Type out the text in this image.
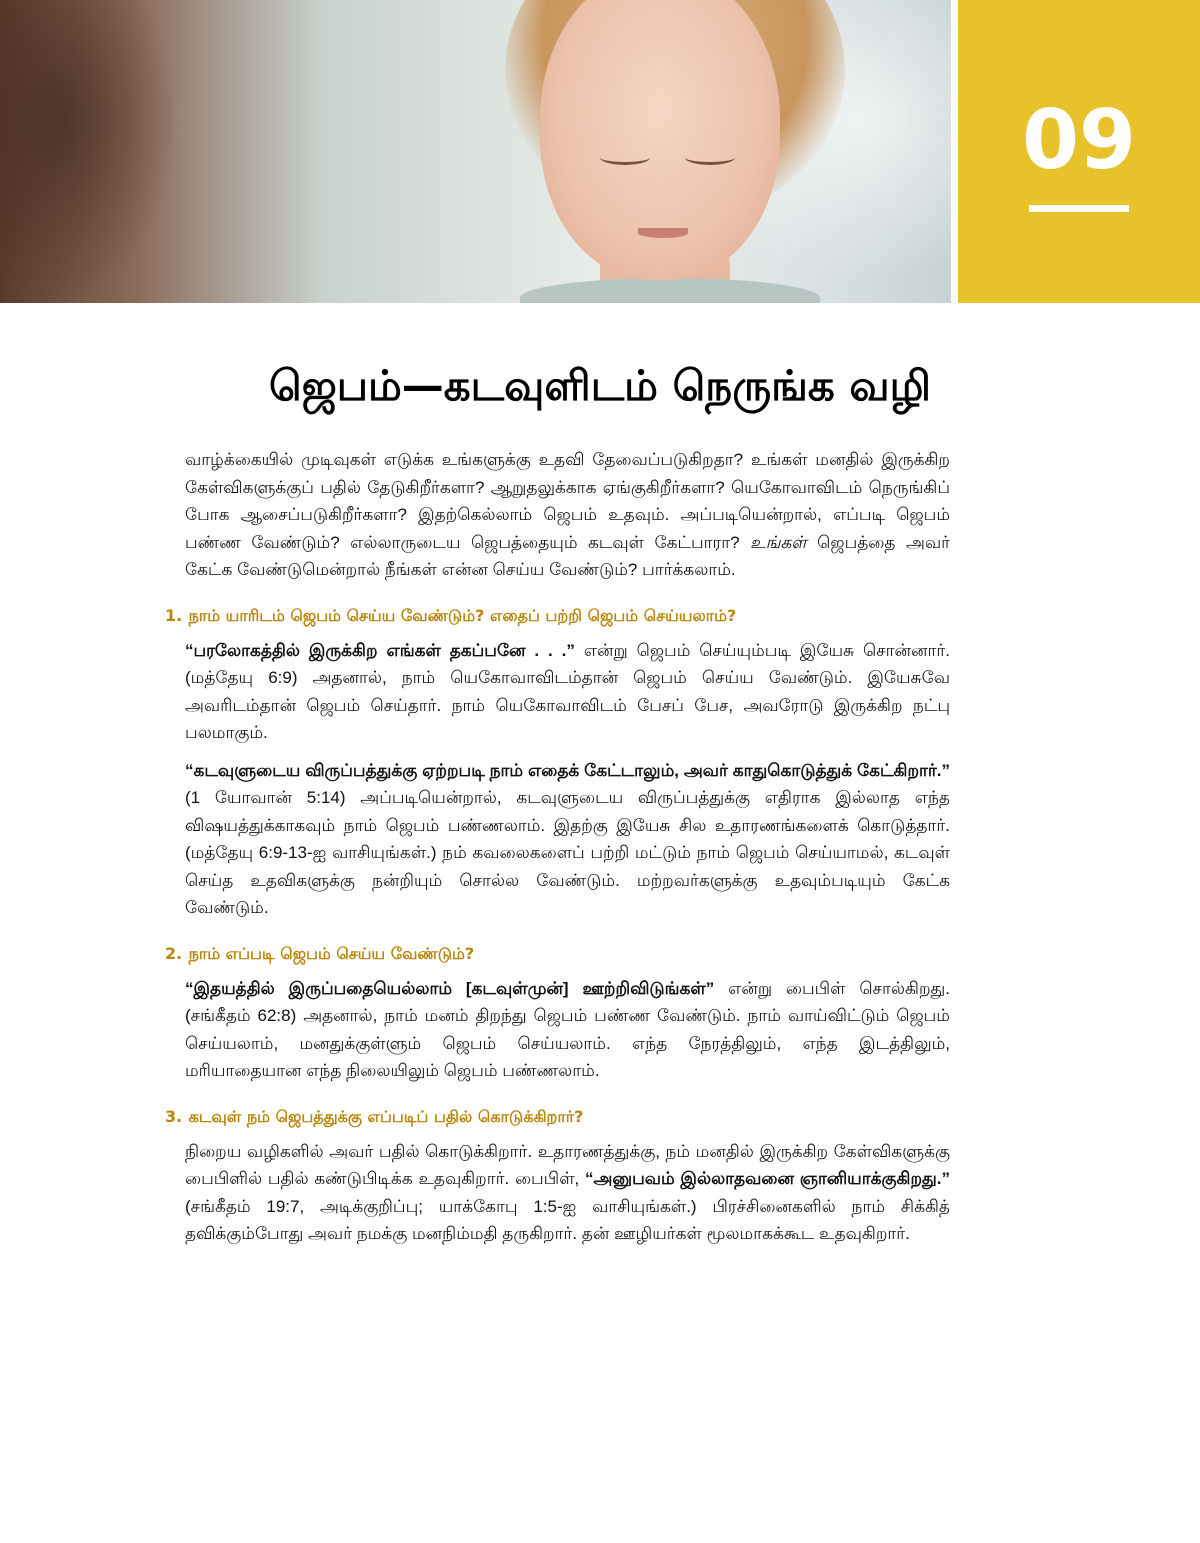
09
ஜெபம்—கடவுளிடம் நெருங்க வழி

வாழ்க்கையில் முடிவுகள் எடுக்க உங்களுக்கு உதவி தேவைப்படுகிறதா? உங்கள் மனதில் இருக்கிற கேள்விகளுக்குப் பதில் தேடுகிறீர்களா? ஆறுதலுக்காக ஏங்குகிறீர்களா? யெகோவாவிடம் நெருங்கிப் போக ஆசைப்படுகிறீர்களா? இதற்கெல்லாம் ஜெபம் உதவும். அப்படியென்றால், எப்படி ஜெபம் பண்ண வேண்டும்? எல்லாருடைய ஜெபத்தையும் கடவுள் கேட்பாரா? உங்கள் ஜெபத்தை அவர் கேட்க வேண்டுமென்றால் நீங்கள் என்ன செய்ய வேண்டும்? பார்க்கலாம்.

1. நாம் யாரிடம் ஜெபம் செய்ய வேண்டும்? எதைப் பற்றி ஜெபம் செய்யலாம்?

“பரலோகத்தில் இருக்கிற எங்கள் தகப்பனே . . .” என்று ஜெபம் செய்யும்படி இயேசு சொன்னார். (மத்தேயு 6:9) அதனால், நாம் யெகோவாவிடம்தான் ஜெபம் செய்ய வேண்டும். இயேசுவே அவரிடம்தான் ஜெபம் செய்தார். நாம் யெகோவாவிடம் பேசப் பேச, அவரோடு இருக்கிற நட்பு பலமாகும்.

“கடவுளுடைய விருப்பத்துக்கு ஏற்றபடி நாம் எதைக் கேட்டாலும், அவர் காதுகொடுத்துக் கேட்கிறார்.” (1 யோவான் 5:14) அப்படியென்றால், கடவுளுடைய விருப்பத்துக்கு எதிராக இல்லாத எந்த விஷயத்துக்காகவும் நாம் ஜெபம் பண்ணலாம். இதற்கு இயேசு சில உதாரணங்களைக் கொடுத்தார். (மத்தேயு 6:9-13-ஐ வாசியுங்கள்.) நம் கவலைகளைப் பற்றி மட்டும் நாம் ஜெபம் செய்யாமல், கடவுள் செய்த உதவிகளுக்கு நன்றியும் சொல்ல வேண்டும். மற்றவர்களுக்கு உதவும்படியும் கேட்க வேண்டும்.

2. நாம் எப்படி ஜெபம் செய்ய வேண்டும்?

“இதயத்தில் இருப்பதையெல்லாம் [கடவுள்முன்] ஊற்றிவிடுங்கள்” என்று பைபிள் சொல்கிறது. (சங்கீதம் 62:8) அதனால், நாம் மனம் திறந்து ஜெபம் பண்ண வேண்டும். நாம் வாய்விட்டும் ஜெபம் செய்யலாம், மனதுக்குள்ளும் ஜெபம் செய்யலாம். எந்த நேரத்திலும், எந்த இடத்திலும், மரியாதையான எந்த நிலையிலும் ஜெபம் பண்ணலாம்.

3. கடவுள் நம் ஜெபத்துக்கு எப்படிப் பதில் கொடுக்கிறார்?

நிறைய வழிகளில் அவர் பதில் கொடுக்கிறார். உதாரணத்துக்கு, நம் மனதில் இருக்கிற கேள்விகளுக்கு பைபிளில் பதில் கண்டுபிடிக்க உதவுகிறார். பைபிள், “அனுபவம் இல்லாதவனை ஞானியாக்குகிறது.” (சங்கீதம் 19:7, அடிக்குறிப்பு; யாக்கோபு 1:5-ஐ வாசியுங்கள்.) பிரச்சினைகளில் நாம் சிக்கித் தவிக்கும்போது அவர் நமக்கு மனநிம்மதி தருகிறார். தன் ஊழியர்கள் மூலமாகக்கூட உதவுகிறார்.
